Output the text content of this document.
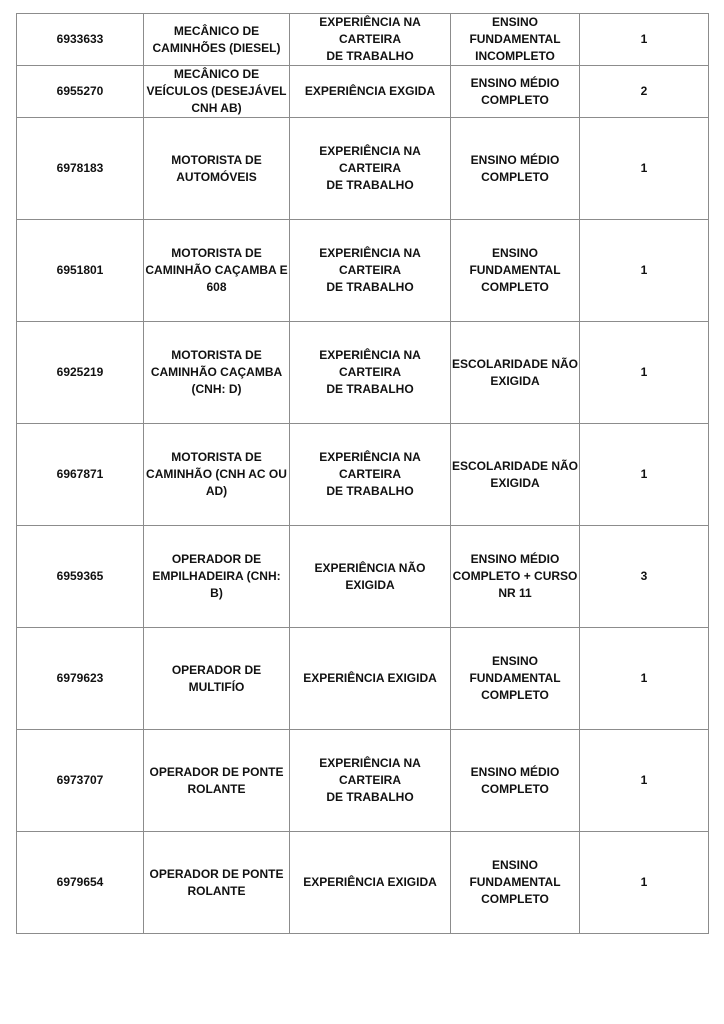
6933633	MECÂNICO DE
CAMINHÕES (DIESEL)	EXPERIÊNCIA NA CARTEIRA
DE TRABALHO	ENSINO
FUNDAMENTAL
INCOMPLETO	1
6955270	MECÂNICO DE
VEÍCULOS (DESEJÁVEL
CNH AB)	EXPERIÊNCIA EXGIDA	ENSINO MÉDIO
COMPLETO	2
6978183	MOTORISTA DE
AUTOMÓVEIS	EXPERIÊNCIA NA CARTEIRA
DE TRABALHO	ENSINO MÉDIO
COMPLETO	1
6951801	MOTORISTA DE
CAMINHÃO CAÇAMBA E
608	EXPERIÊNCIA NA CARTEIRA
DE TRABALHO	ENSINO
FUNDAMENTAL
COMPLETO	1
6925219	MOTORISTA DE
CAMINHÃO CAÇAMBA
(CNH: D)	EXPERIÊNCIA NA CARTEIRA
DE TRABALHO	ESCOLARIDADE NÃO
EXIGIDA	1
6967871	MOTORISTA DE
CAMINHÃO (CNH AC OU
AD)	EXPERIÊNCIA NA CARTEIRA
DE TRABALHO	ESCOLARIDADE NÃO
EXIGIDA	1
6959365	OPERADOR DE
EMPILHADEIRA (CNH: B)	EXPERIÊNCIA NÃO EXIGIDA	ENSINO MÉDIO
COMPLETO + CURSO
NR 11	3
6979623	OPERADOR DE
MULTIFÍO	EXPERIÊNCIA EXIGIDA	ENSINO
FUNDAMENTAL
COMPLETO	1
6973707	OPERADOR DE PONTE
ROLANTE	EXPERIÊNCIA NA CARTEIRA
DE TRABALHO	ENSINO MÉDIO
COMPLETO	1
6979654	OPERADOR DE PONTE
ROLANTE	EXPERIÊNCIA EXIGIDA	ENSINO
FUNDAMENTAL
COMPLETO	1
